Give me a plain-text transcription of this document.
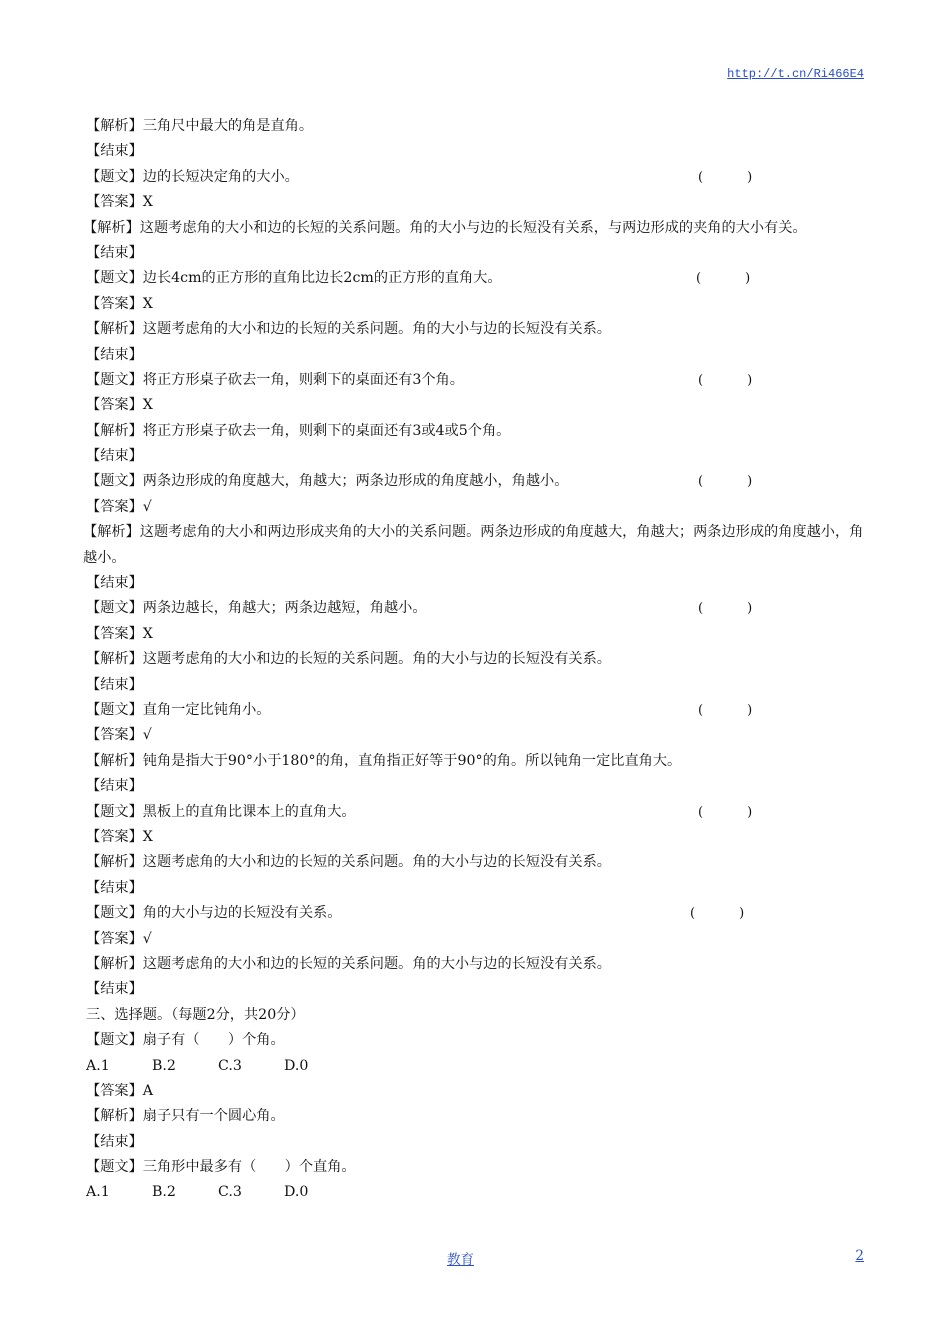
http://t.cn/Ri466E4
【解析】三角尺中最大的角是直角。
【结束】
【题文】边的长短决定角的大小。	(	)
【答案】X
【解析】这题考虑角的大小和边的长短的关系问题。角的大小与边的长短没有关系，与两边形成的夹角的大小有关。
【结束】
【题文】边长4cm的正方形的直角比边长2cm的正方形的直角大。	(	)
【答案】X
【解析】这题考虑角的大小和边的长短的关系问题。角的大小与边的长短没有关系。
【结束】
【题文】将正方形桌子砍去一角，则剩下的桌面还有3个角。	(	)
【答案】X
【解析】将正方形桌子砍去一角，则剩下的桌面还有3或4或5个角。
【结束】
【题文】两条边形成的角度越大，角越大；两条边形成的角度越小，角越小。	(	)
【答案】√
【解析】这题考虑角的大小和两边形成夹角的大小的关系问题。两条边形成的角度越大，角越大；两条边形成的角度越小，角越小。
【结束】
【题文】两条边越长，角越大；两条边越短，角越小。	(	)
【答案】X
【解析】这题考虑角的大小和边的长短的关系问题。角的大小与边的长短没有关系。
【结束】
【题文】直角一定比钝角小。	(	)
【答案】√
【解析】钝角是指大于90°小于180°的角，直角指正好等于90°的角。所以钝角一定比直角大。
【结束】
【题文】黑板上的直角比课本上的直角大。	(	)
【答案】X
【解析】这题考虑角的大小和边的长短的关系问题。角的大小与边的长短没有关系。
【结束】
【题文】角的大小与边的长短没有关系。	(	)
【答案】√
【解析】这题考虑角的大小和边的长短的关系问题。角的大小与边的长短没有关系。
【结束】
三、选择题。（每题2分，共20分）
【题文】扇子有（　　）个角。
A.1	B.2	C.3	D.0
【答案】A
【解析】扇子只有一个圆心角。
【结束】
【题文】三角形中最多有（　　）个直角。
A.1	B.2	C.3	D.0
教育	2
